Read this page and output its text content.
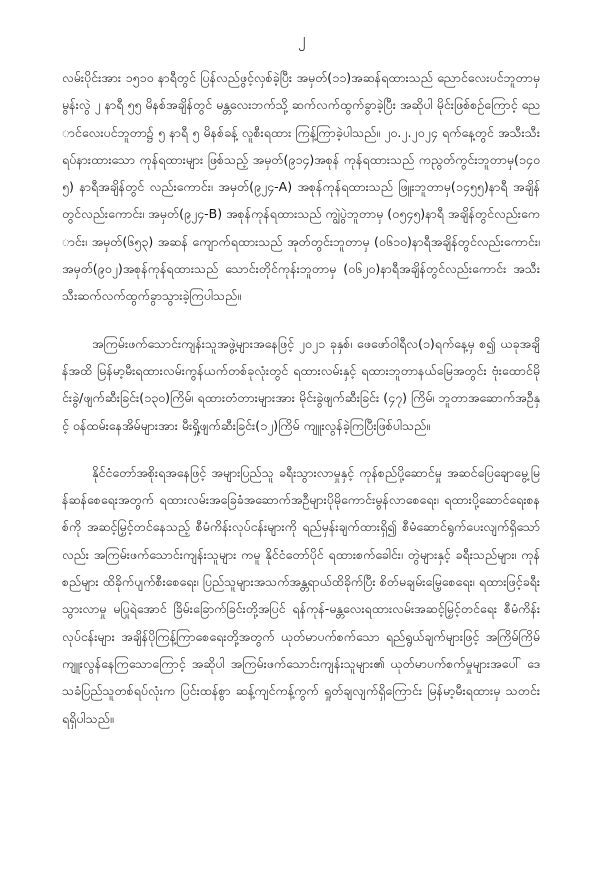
၂

လမ်းပိုင်းအား ၁၅၁၀ နာရီတွင် ပြန်လည်ဖွင့်လှစ်ခဲ့ပြီး အမှတ်(၁၁)အဆန်ရထားသည် ညောင်လေးပင်ဘူတာမှ မွန်းလွဲ ၂ နာရီ ၅၅ မိနစ်အချိန်တွင် မန္တလေးဘက်သို့ ဆက်လက်ထွက်ခွာခဲ့ပြီး အဆိုပါ မိုင်းဖြစ်စဉ်ကြောင့် ညောင်လေးပင်ဘူတာ၌ ၅ နာရီ ၅ မိနစ်ခန့် လူစီးရထား ကြန့်ကြာခဲ့ပါသည်။ ၂၀.၂.၂၀၂၄ ရက်နေ့တွင် အသီးသီးရပ်နားထားသော ကုန်ရထားများ ဖြစ်သည့် အမှတ်(၉၁၄)အစုန် ကုန်ရထားသည် ကညွတ်ကွင်းဘူတာမှ(၁၄၀၅) နာရီအချိန်တွင် လည်းကောင်း၊ အမှတ်(၉၂၄-A) အစုန်ကုန်ရထားသည် ဖြူးဘူတာမှ(၁၄၅၅)နာရီ အချိန်တွင်လည်းကောင်း၊ အမှတ်(၉၂၄-B) အစုန်ကုန်ရထားသည် ကျွဲပွဲဘူတာမှ (၀၅၄၅)နာရီ အချိန်တွင်လည်းကောင်း၊ အမှတ်(၆၅၃) အဆန် ကျောက်ရထားသည် အုတ်တွင်းဘူတာမှ (၀၆၁၀)နာရီအချိန်တွင်လည်းကောင်း၊ အမှတ်(၉၀၂)အစုန်ကုန်ရထားသည် သောင်းတိုင်ကုန်းဘူတာမှ (၀၆၂၀)နာရီအချိန်တွင်လည်းကောင်း အသီးသီးဆက်လက်ထွက်ခွာသွားခဲ့ကြပါသည်။

အကြမ်းဖက်သောင်းကျန်းသူအဖွဲ့များအနေဖြင့် ၂၀၂၁ ခုနှစ်၊ ဖေဖော်ဝါရီလ(၁)ရက်နေ့မှ စ၍ ယခုအချိန်အထိ မြန်မာ့မီးရထားလမ်းကွန်ယက်တစ်ခုလုံးတွင် ရထားလမ်းနှင့် ရထားဘူတာနယ်မြေအတွင်း ဗုံးထောင်မိုင်းခွဲ/ဖျက်ဆီးခြင်း(၁၃၀)ကြိမ်၊ ရထားတံတားများအား မိုင်းခွဲဖျက်ဆီးခြင်း (၄၇) ကြိမ်၊ ဘူတာအဆောက်အဦနှင့် ဝန်ထမ်းနေအိမ်များအား မီးရှို့ဖျက်ဆီးခြင်း(၁၂)ကြိမ် ကျူးလွန်ခဲ့ကြပြီးဖြစ်ပါသည်။

နိုင်ငံတော်အစိုးရအနေဖြင့် အများပြည်သူ ခရီးသွားလာမှုနှင့် ကုန်စည်ပို့ဆောင်မှု အဆင်ပြေချောမွေ့မြန်ဆန်စေရေးအတွက် ရထားလမ်းအခြေခံအဆောက်အဦများပိုမိုကောင်းမွန်လာစေရေး၊ ရထားပို့ဆောင်ရေးစနစ်ကို အဆင့်မြှင့်တင်နေသည့် စီမံကိန်းလုပ်ငန်းများကို ရည်မှန်းချက်ထားရှိ၍ စီမံဆောင်ရွက်ပေးလျက်ရှိသော်လည်း အကြမ်းဖက်သောင်းကျန်းသူများ ကမူ နိုင်ငံတော်ပိုင် ရထားစက်ခေါင်း၊ တွဲများနှင့် ခရီးသည်များ၊ ကုန်စည်များ ထိခိုက်ပျက်စီးစေရေး၊ ပြည်သူများအသက်အန္တရာယ်ထိခိုက်ပြီး စိတ်မချမ်းမြေ့စေရေး၊ ရထားဖြင့်ခရီးသွားလာမှု မပြုရဲအောင် ခြိမ်းခြောက်ခြင်းတို့အပြင် ရန်ကုန်-မန္တလေးရထားလမ်းအဆင့်မြှင့်တင်ရေး စီမံကိန်းလုပ်ငန်းများ အချိန်ပိုကြန့်ကြာစေရေးတို့အတွက် ယုတ်မာပက်စက်သော ရည်ရွယ်ချက်များဖြင့် အကြိမ်ကြိမ်ကျူးလွန်နေကြသောကြောင့် အဆိုပါ အကြမ်းဖက်သောင်းကျန်းသူများ၏ ယုတ်မာပက်စက်မှုများအပေါ် ဒေသခံပြည်သူတစ်ရပ်လုံးက ပြင်းထန်စွာ ဆန့်ကျင်ကန့်ကွက် ရှုတ်ချလျက်ရှိကြောင်း မြန်မာ့မီးရထားမှ သတင်းရရှိပါသည်။
